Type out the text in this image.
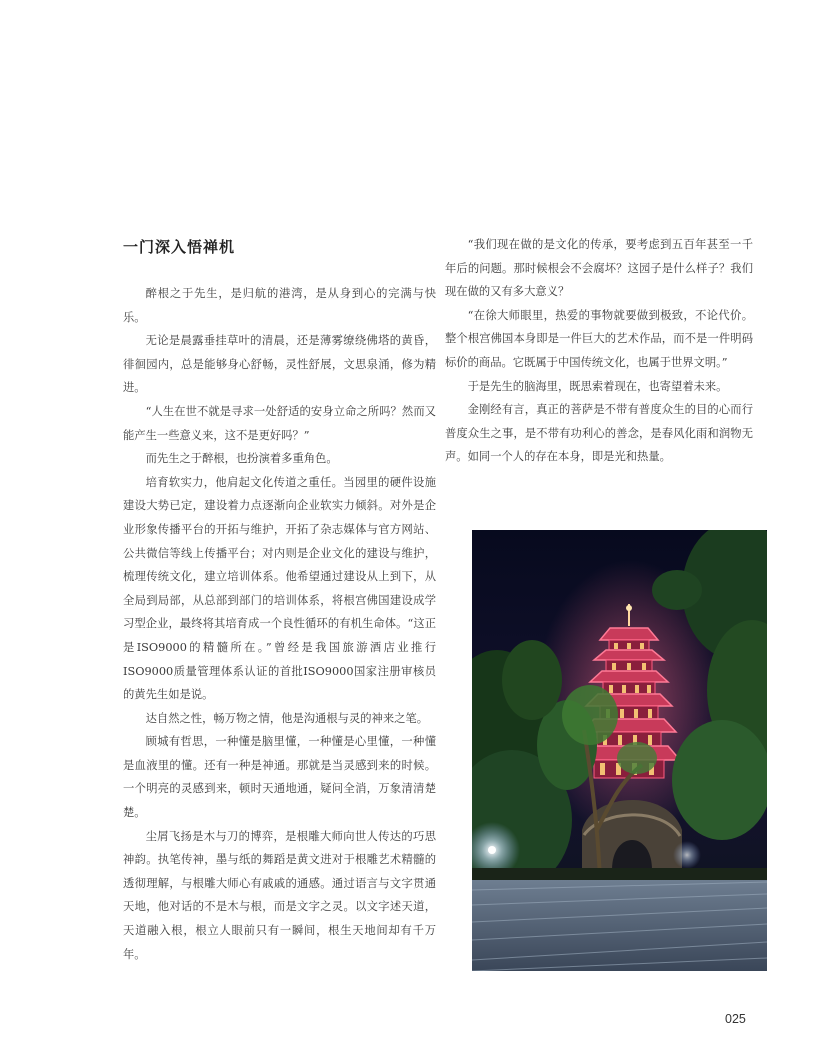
一门深入悟禅机

醉根之于先生，是归航的港湾，是从身到心的完满与快乐。

无论是晨露垂挂草叶的清晨，还是薄雾缭绕佛塔的黄昏，徘徊园内，总是能够身心舒畅，灵性舒展，文思泉涌，修为精进。

“人生在世不就是寻求一处舒适的安身立命之所吗？然而又能产生一些意义来，这不是更好吗？”

而先生之于醉根，也扮演着多重角色。

培育软实力，他肩起文化传道之重任。当园里的硬件设施建设大势已定，建设着力点逐渐向企业软实力倾斜。对外是企业形象传播平台的开拓与维护，开拓了杂志媒体与官方网站、公共微信等线上传播平台；对内则是企业文化的建设与维护，梳理传统文化，建立培训体系。他希望通过建设从上到下，从全局到局部，从总部到部门的培训体系，将根宫佛国建设成学习型企业，最终将其培育成一个良性循环的有机生命体。“这正是ISO9000的精髓所在。”曾经是我国旅游酒店业推行ISO9000质量管理体系认证的首批ISO9000国家注册审核员的黄先生如是说。

达自然之性，畅万物之情，他是沟通根与灵的神来之笔。

顾城有哲思，一种懂是脑里懂，一种懂是心里懂，一种懂是血液里的懂。还有一种是神通。那就是当灵感到来的时候。一个明亮的灵感到来，顿时天通地通，疑问全消，万象清清楚楚。

尘屑飞扬是木与刀的博弈，是根雕大师向世人传达的巧思神韵。执笔传神，墨与纸的舞蹈是黄文进对于根雕艺术精髓的透彻理解，与根雕大师心有戚戚的通感。通过语言与文字贯通天地，他对话的不是木与根，而是文字之灵。以文字述天道，天道融入根，根立人眼前只有一瞬间，根生天地间却有千万年。

“我们现在做的是文化的传承，要考虑到五百年甚至一千年后的问题。那时候根会不会腐坏？这园子是什么样子？我们现在做的又有多大意义？

“在徐大师眼里，热爱的事物就要做到极致，不论代价。整个根宫佛国本身即是一件巨大的艺术作品，而不是一件明码标价的商品。它既属于中国传统文化，也属于世界文明。”

于是先生的脑海里，既思索着现在，也寄望着未来。

金刚经有言，真正的菩萨是不带有普度众生的目的心而行普度众生之事，是不带有功利心的善念，是春风化雨和润物无声。如同一个人的存在本身，即是光和热量。

025
